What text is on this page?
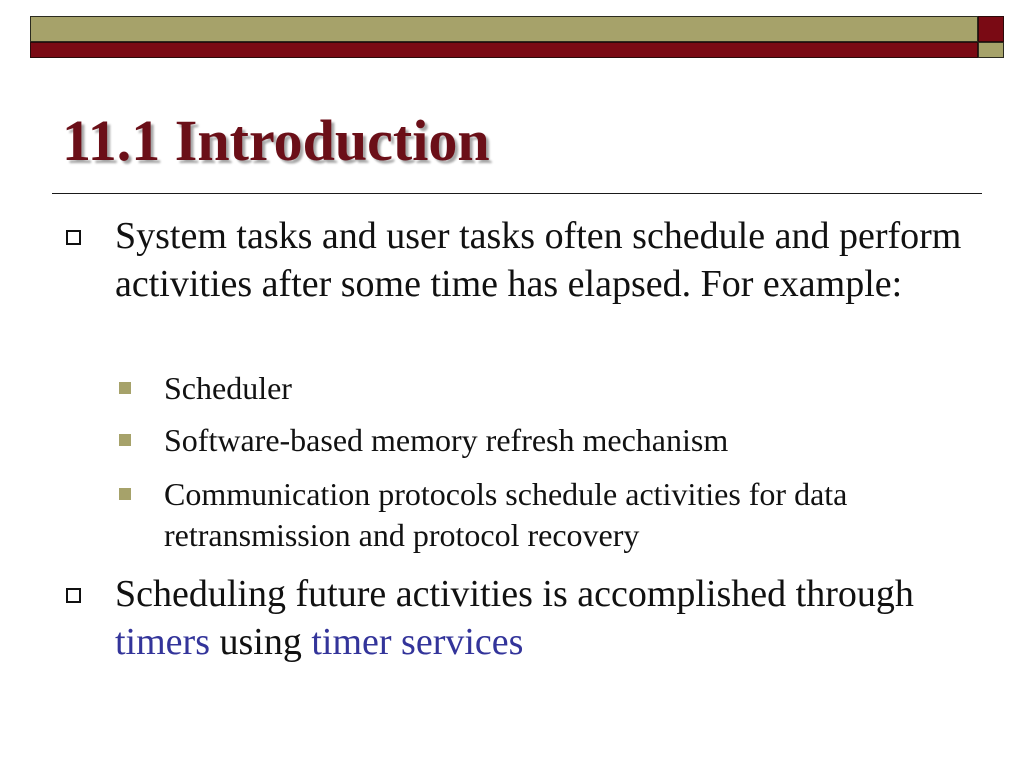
11.1 Introduction
System tasks and user tasks often schedule and perform activities after some time has elapsed. For example:
Scheduler
Software-based memory refresh mechanism
Communication protocols schedule activities for data retransmission and protocol recovery
Scheduling future activities is accomplished through timers using timer services
